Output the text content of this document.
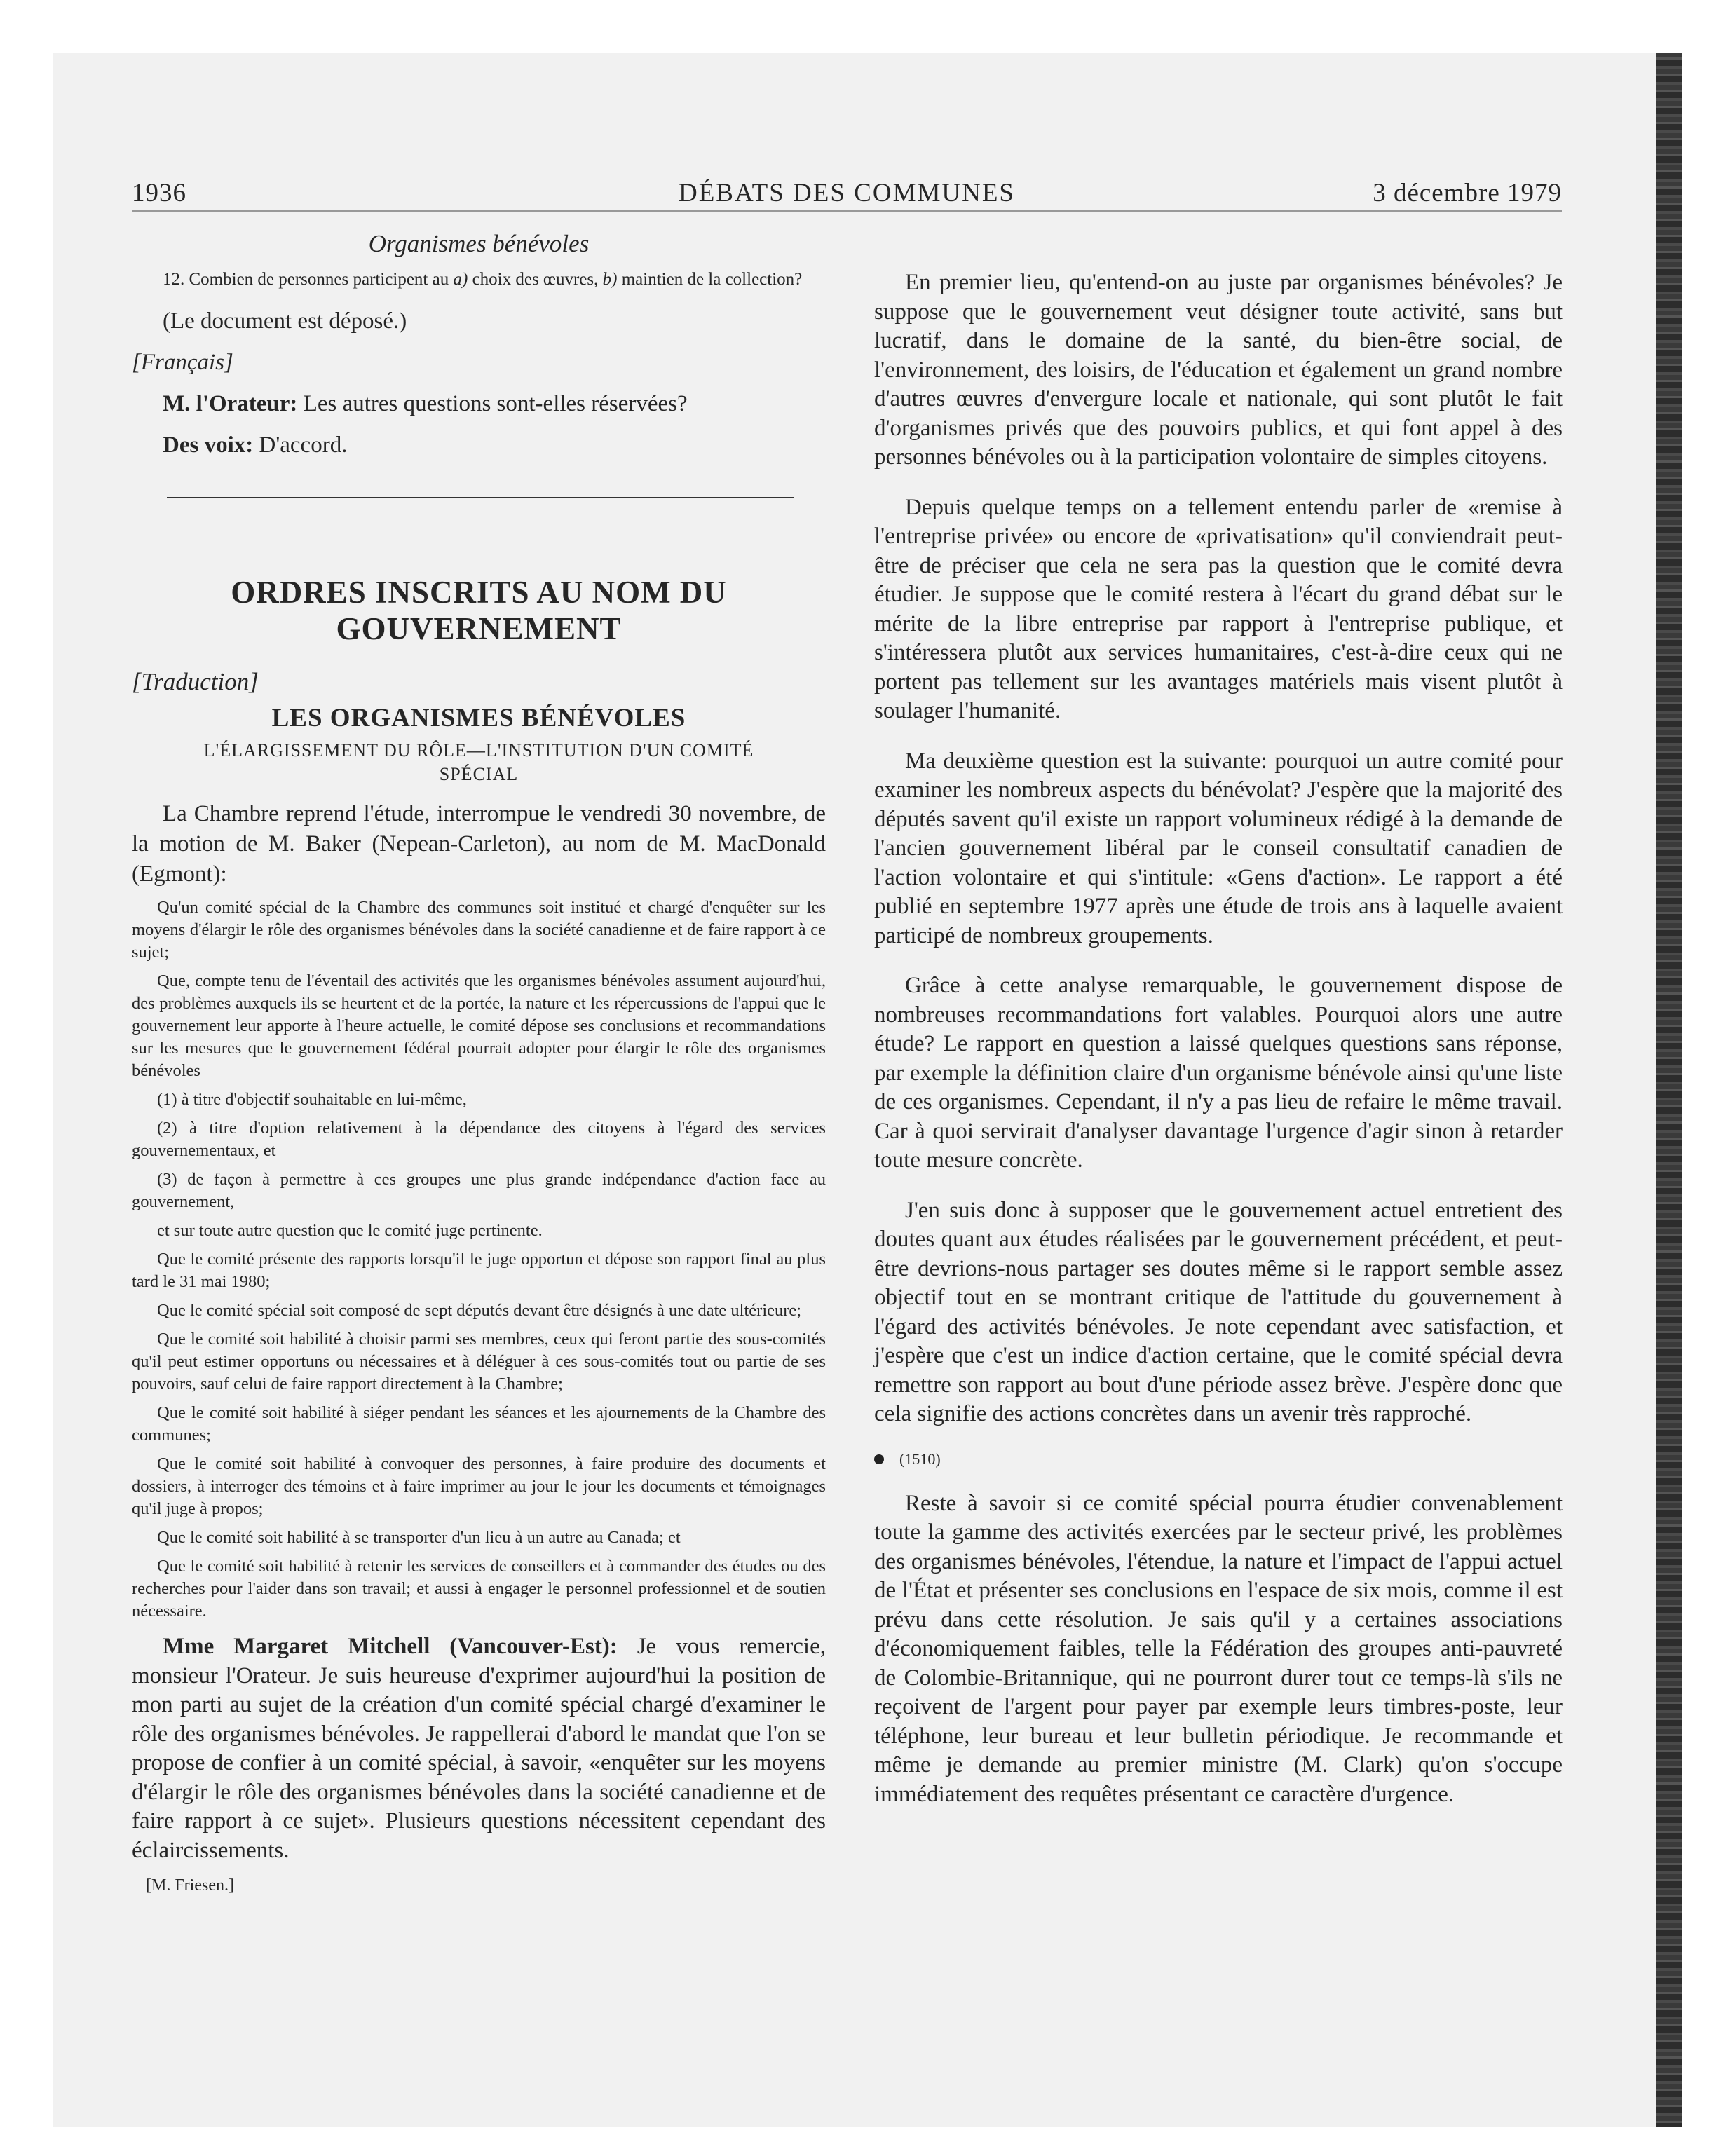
1936	DÉBATS DES COMMUNES	3 décembre 1979
Organismes bénévoles
12. Combien de personnes participent au a) choix des œuvres, b) maintien de la collection?
(Le document est déposé.)
[Français]
M. l'Orateur: Les autres questions sont-elles réservées?
Des voix: D'accord.
ORDRES INSCRITS AU NOM DU
GOUVERNEMENT
[Traduction]
LES ORGANISMES BÉNÉVOLES
L'ÉLARGISSEMENT DU RÔLE—L'INSTITUTION D'UN COMITÉ
SPÉCIAL
La Chambre reprend l'étude, interrompue le vendredi 30 novembre, de la motion de M. Baker (Nepean-Carleton), au nom de M. MacDonald (Egmont):
Qu'un comité spécial de la Chambre des communes soit institué et chargé d'enquêter sur les moyens d'élargir le rôle des organismes bénévoles dans la société canadienne et de faire rapport à ce sujet;
Que, compte tenu de l'éventail des activités que les organismes bénévoles assument aujourd'hui, des problèmes auxquels ils se heurtent et de la portée, la nature et les répercussions de l'appui que le gouvernement leur apporte à l'heure actuelle, le comité dépose ses conclusions et recommandations sur les mesures que le gouvernement fédéral pourrait adopter pour élargir le rôle des organismes bénévoles
(1) à titre d'objectif souhaitable en lui-même,
(2) à titre d'option relativement à la dépendance des citoyens à l'égard des services gouvernementaux, et
(3) de façon à permettre à ces groupes une plus grande indépendance d'action face au gouvernement,
et sur toute autre question que le comité juge pertinente.
Que le comité présente des rapports lorsqu'il le juge opportun et dépose son rapport final au plus tard le 31 mai 1980;
Que le comité spécial soit composé de sept députés devant être désignés à une date ultérieure;
Que le comité soit habilité à choisir parmi ses membres, ceux qui feront partie des sous-comités qu'il peut estimer opportuns ou nécessaires et à déléguer à ces sous-comités tout ou partie de ses pouvoirs, sauf celui de faire rapport directement à la Chambre;
Que le comité soit habilité à siéger pendant les séances et les ajournements de la Chambre des communes;
Que le comité soit habilité à convoquer des personnes, à faire produire des documents et dossiers, à interroger des témoins et à faire imprimer au jour le jour les documents et témoignages qu'il juge à propos;
Que le comité soit habilité à se transporter d'un lieu à un autre au Canada; et
Que le comité soit habilité à retenir les services de conseillers et à commander des études ou des recherches pour l'aider dans son travail; et aussi à engager le personnel professionnel et de soutien nécessaire.
Mme Margaret Mitchell (Vancouver-Est): Je vous remercie, monsieur l'Orateur. Je suis heureuse d'exprimer aujourd'hui la position de mon parti au sujet de la création d'un comité spécial chargé d'examiner le rôle des organismes bénévoles. Je rappellerai d'abord le mandat que l'on se propose de confier à un comité spécial, à savoir, «enquêter sur les moyens d'élargir le rôle des organismes bénévoles dans la société canadienne et de faire rapport à ce sujet». Plusieurs questions nécessitent cependant des éclaircissements.
[M. Friesen.]
En premier lieu, qu'entend-on au juste par organismes bénévoles? Je suppose que le gouvernement veut désigner toute activité, sans but lucratif, dans le domaine de la santé, du bien-être social, de l'environnement, des loisirs, de l'éducation et également un grand nombre d'autres œuvres d'envergure locale et nationale, qui sont plutôt le fait d'organismes privés que des pouvoirs publics, et qui font appel à des personnes bénévoles ou à la participation volontaire de simples citoyens.
Depuis quelque temps on a tellement entendu parler de «remise à l'entreprise privée» ou encore de «privatisation» qu'il conviendrait peut-être de préciser que cela ne sera pas la question que le comité devra étudier. Je suppose que le comité restera à l'écart du grand débat sur le mérite de la libre entreprise par rapport à l'entreprise publique, et s'intéressera plutôt aux services humanitaires, c'est-à-dire ceux qui ne portent pas tellement sur les avantages matériels mais visent plutôt à soulager l'humanité.
Ma deuxième question est la suivante: pourquoi un autre comité pour examiner les nombreux aspects du bénévolat? J'espère que la majorité des députés savent qu'il existe un rapport volumineux rédigé à la demande de l'ancien gouvernement libéral par le conseil consultatif canadien de l'action volontaire et qui s'intitule: «Gens d'action». Le rapport a été publié en septembre 1977 après une étude de trois ans à laquelle avaient participé de nombreux groupements.
Grâce à cette analyse remarquable, le gouvernement dispose de nombreuses recommandations fort valables. Pourquoi alors une autre étude? Le rapport en question a laissé quelques questions sans réponse, par exemple la définition claire d'un organisme bénévole ainsi qu'une liste de ces organismes. Cependant, il n'y a pas lieu de refaire le même travail. Car à quoi servirait d'analyser davantage l'urgence d'agir sinon à retarder toute mesure concrète.
J'en suis donc à supposer que le gouvernement actuel entretient des doutes quant aux études réalisées par le gouvernement précédent, et peut-être devrions-nous partager ses doutes même si le rapport semble assez objectif tout en se montrant critique de l'attitude du gouvernement à l'égard des activités bénévoles. Je note cependant avec satisfaction, et j'espère que c'est un indice d'action certaine, que le comité spécial devra remettre son rapport au bout d'une période assez brève. J'espère donc que cela signifie des actions concrètes dans un avenir très rapproché.
(1510)
Reste à savoir si ce comité spécial pourra étudier convenablement toute la gamme des activités exercées par le secteur privé, les problèmes des organismes bénévoles, l'étendue, la nature et l'impact de l'appui actuel de l'État et présenter ses conclusions en l'espace de six mois, comme il est prévu dans cette résolution. Je sais qu'il y a certaines associations d'économiquement faibles, telle la Fédération des groupes anti-pauvreté de Colombie-Britannique, qui ne pourront durer tout ce temps-là s'ils ne reçoivent de l'argent pour payer par exemple leurs timbres-poste, leur téléphone, leur bureau et leur bulletin périodique. Je recommande et même je demande au premier ministre (M. Clark) qu'on s'occupe immédiatement des requêtes présentant ce caractère d'urgence.
